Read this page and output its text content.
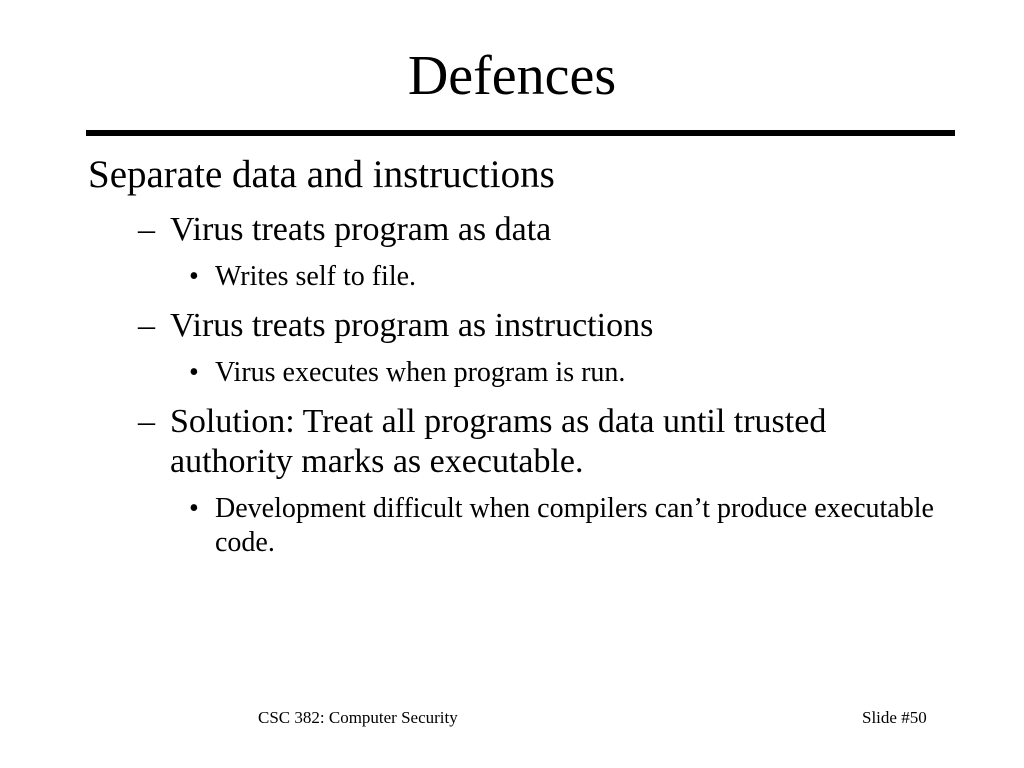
Defences

Separate data and instructions

– Virus treats program as data
• Writes self to file.
– Virus treats program as instructions
• Virus executes when program is run.
– Solution: Treat all programs as data until trusted authority marks as executable.
• Development difficult when compilers can’t produce executable code.
CSC 382: Computer Security	Slide #50
